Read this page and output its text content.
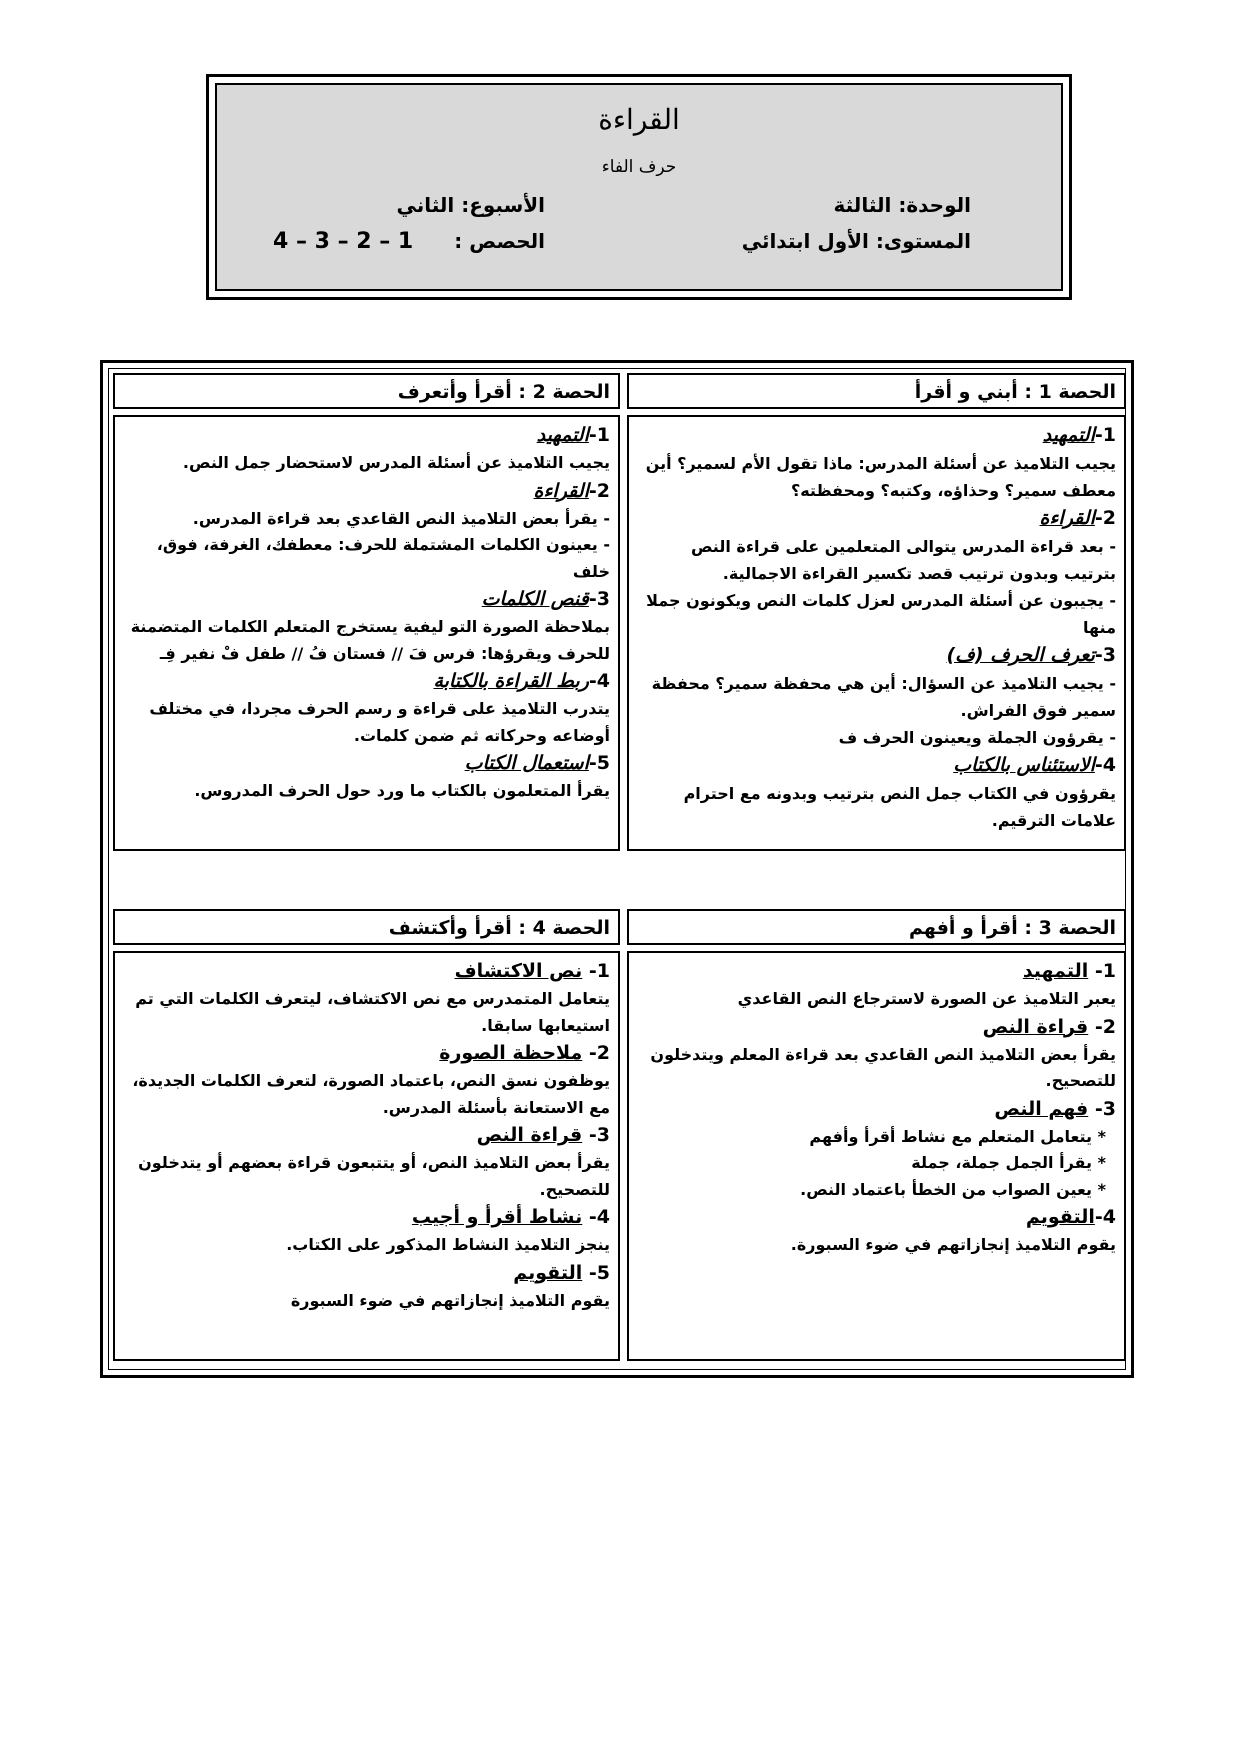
القراءة
حرف الفاء
الوحدة: الثالثة
المستوى: الأول ابتدائي
الأسبوع: الثاني
الحصص :
4 – 3 – 2 – 1
الحصة 1 : أبني و أقرأ
الحصة 2 : أقرأ وأتعرف
1-التمهيد

يجيب التلاميذ عن أسئلة المدرس: ماذا تقول الأم لسمير؟ أين معطف سمير؟ وحذاؤه، وكتبه؟ ومحفظته؟

2-القراءة

- بعد قراءة المدرس يتوالى المتعلمين على قراءة النص بترتيب وبدون ترتيب قصد تكسير القراءة الاجمالية.

- يجيبون عن أسئلة المدرس لعزل كلمات النص ويكونون جملا منها

3-تعرف الحرف (ف)

- يجيب التلاميذ عن السؤال: أين هي محفظة سمير؟ محفظة سمير فوق الفراش.

- يقرؤون الجملة ويعينون الحرف ف

4-الاستئناس بالكتاب

يقرؤون في الكتاب جمل النص بترتيب وبدونه مع احترام علامات الترقيم.

1-التمهيد

يجيب التلاميذ عن أسئلة المدرس لاستحضار جمل النص.

2-القراءة

- يقرأ بعض التلاميذ النص القاعدي بعد قراءة المدرس.

- يعينون الكلمات المشتملة للحرف: معطفك، الغرفة، فوق، خلف

3-قنص الكلمات

بملاحظة الصورة التو ليفية يستخرج المتعلم الكلمات المتضمنة للحرف ويقرؤها: فرس فَ // فستان فُ // طفل فْ نفير فِـ

4-ربط القراءة بالكتابة

يتدرب التلاميذ على قراءة و رسم الحرف مجردا، في مختلف أوضاعه وحركاته ثم ضمن كلمات.

5-استعمال الكتاب

يقرأ المتعلمون بالكتاب ما ورد حول الحرف المدروس.

الحصة 3 : أقرأ و أفهم
الحصة 4 : أقرأ وأكتشف
1- التمهيد

يعبر التلاميذ عن الصورة لاسترجاع النص القاعدي

2- قراءة النص

يقرأ بعض التلاميذ النص القاعدي بعد قراءة المعلم ويتدخلون للتصحيح.

3- فهم النص

* يتعامل المتعلم مع نشاط أقرأ وأفهم

* يقرأ الجمل جملة، جملة

* يعين الصواب من الخطأ باعتماد النص.

4-التقويم

يقوم التلاميذ إنجازاتهم في ضوء السبورة.

1- نص الاكتشاف

يتعامل المتمدرس مع نص الاكتشاف، ليتعرف الكلمات التي تم استيعابها سابقا.

2- ملاحظة الصورة

يوظفون نسق النص، باعتماد الصورة، لتعرف الكلمات الجديدة، مع الاستعانة بأسئلة المدرس.

3- قراءة النص

يقرأ بعض التلاميذ النص، أو يتتبعون قراءة بعضهم أو يتدخلون للتصحيح.

4- نشاط أقرأ و أجيب

ينجز التلاميذ النشاط المذكور على الكتاب.

5- التقويم

يقوم التلاميذ إنجازاتهم في ضوء السبورة
